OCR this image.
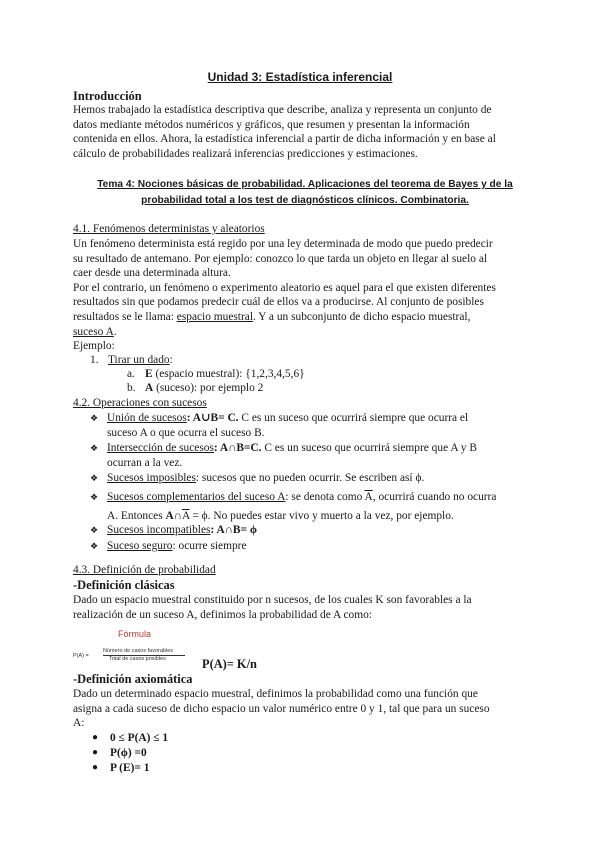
Unidad 3: Estadística inferencial
Introducción
Hemos trabajado la estadística descriptiva que describe, analiza y representa un conjunto de
datos mediante métodos numéricos y gráficos, que resumen y presentan la información
contenida en ellos. Ahora, la estadística inferencial a partir de dicha información y en base al
cálculo de probabilidades realizará inferencias predicciones y estimaciones.
Tema 4: Nociones básicas de probabilidad. Aplicaciones del teorema de Bayes y de la
probabilidad total a los test de diagnósticos clínicos. Combinatoria.
4.1. Fenómenos deterministas y aleatorios
Un fenómeno determinista está regido por una ley determinada de modo que puedo predecir
su resultado de antemano. Por ejemplo: conozco lo que tarda un objeto en llegar al suelo al
caer desde una determinada altura.
Por el contrario, un fenómeno o experimento aleatorio es aquel para el que existen diferentes
resultados sin que podamos predecir cuál de ellos va a producirse. Al conjunto de posibles
resultados se le llama: espacio muestral. Y a un subconjunto de dicho espacio muestral,
suceso A.
Ejemplo:
1. Tirar un dado:
a. E (espacio muestral): {1,2,3,4,5,6}
b. A (suceso): por ejemplo 2
4.2. Operaciones con sucesos
❖ Unión de sucesos: A∪B= C. C es un suceso que ocurrirá siempre que ocurra el
suceso A o que ocurra el suceso B.
❖ Intersección de sucesos: A∩B=C. C es un suceso que ocurrirá siempre que A y B
ocurran a la vez.
❖ Sucesos imposibles: sucesos que no pueden ocurrir. Se escriben así ϕ.
❖ Sucesos complementarios del suceso A: se denota como $\overline{A}$, ocurrirá cuando no ocurra
A. Entonces $A\cap\overline{A} = \phi$. No puedes estar vivo y muerto a la vez, por ejemplo.
❖ Sucesos incompatibles: A∩B= ϕ
❖ Suceso seguro: ocurre siempre
4.3. Definición de probabilidad
-Definición clásicas
Dado un espacio muestral constituido por n sucesos, de los cuales K son favorables a la
realización de un suceso A, definimos la probabilidad de A como:
Fórmula
P(A) =
Número de casos favorables
Total de casos posibles	P(A)= K/n
-Definición axiomática
Dado un determinado espacio muestral, definimos la probabilidad como una función que
asigna a cada suceso de dicho espacio un valor numérico entre 0 y 1, tal que para un suceso
A:
● 0 ≤ P(A) ≤ 1
● P(ϕ) =0
● P (E)= 1
